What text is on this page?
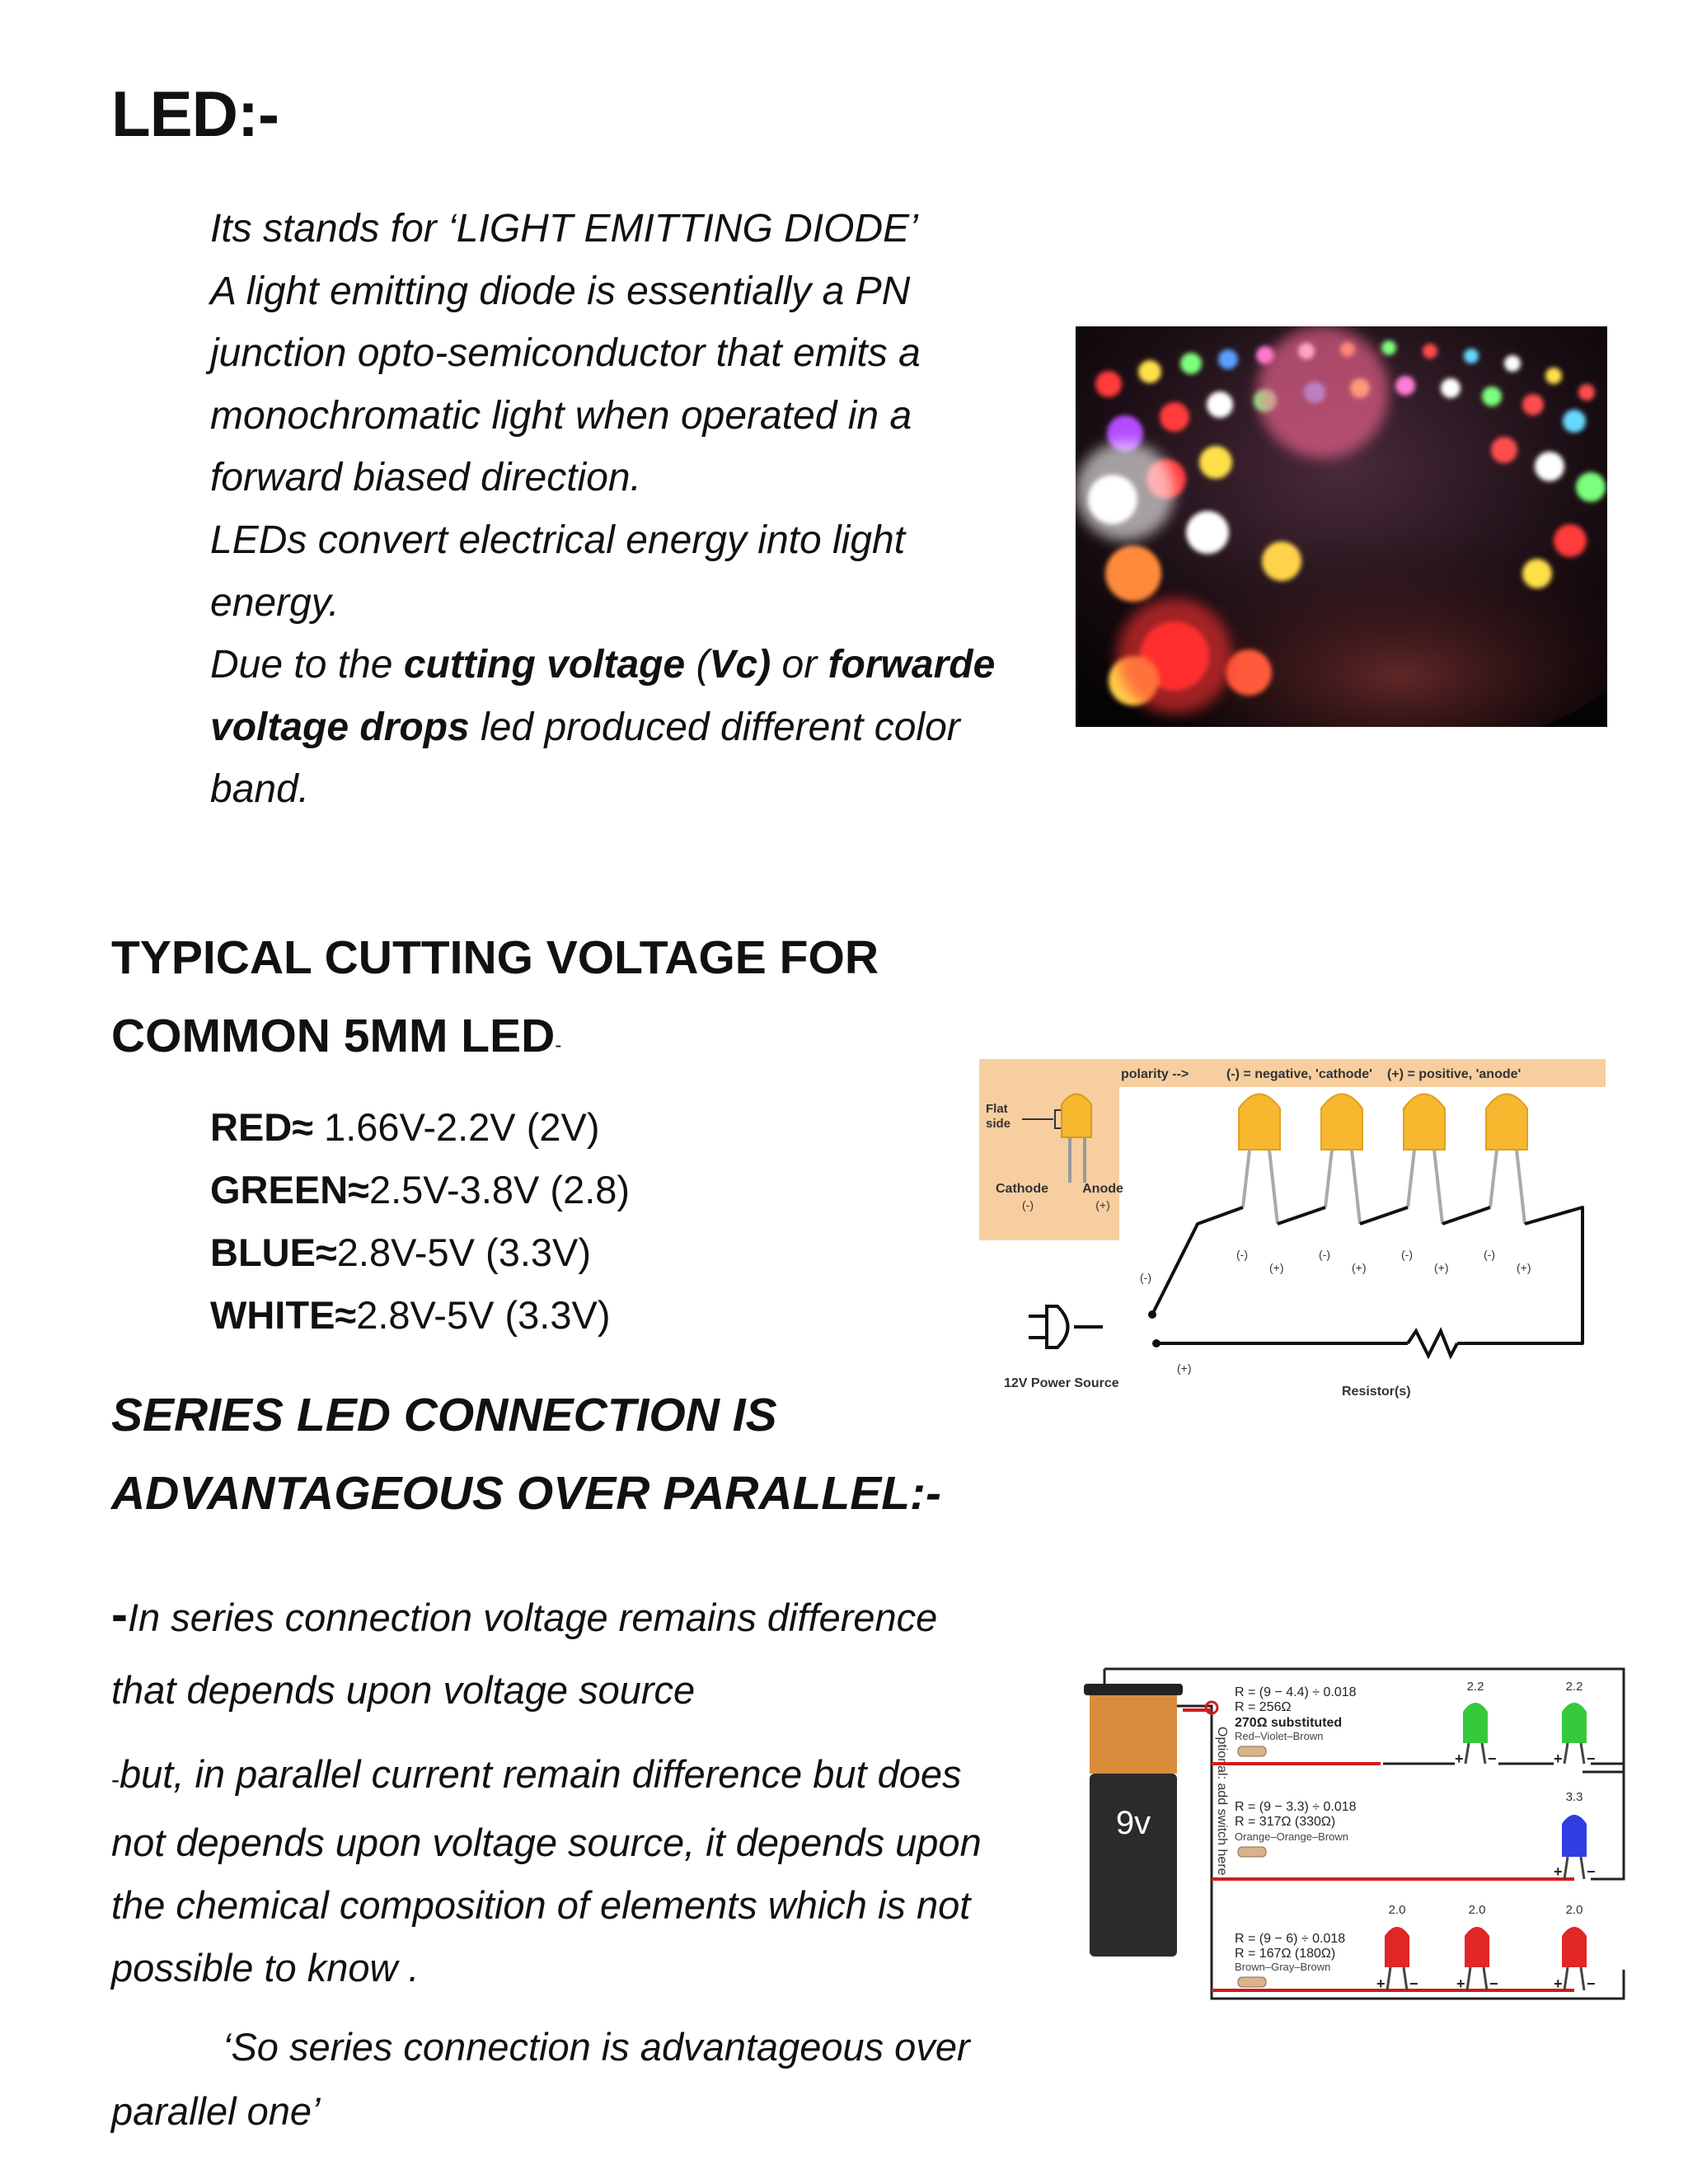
LED:-
Its stands for ‘LIGHT EMITTING DIODE’
A light emitting diode is essentially a PN
junction opto-semiconductor that emits a
monochromatic light when operated in a
forward biased direction.
LEDs convert electrical energy into light
energy.
Due to the cutting voltage (Vc) or forwarde
voltage drops led produced different color
band.
TYPICAL CUTTING VOLTAGE FOR
COMMON 5MM LED-
RED≈ 1.66V-2.2V (2V)
GREEN≈2.5V-3.8V (2.8)
BLUE≈2.8V-5V (3.3V)
WHITE≈2.8V-5V (3.3V)
polarity -->	(-) = negative, 'cathode' (+) = positive, 'anode'
Flat
side
Cathode
(-)
Anode
(+)
(-)
(+)
(-)
(+)
(-)
(+)
(-)
(+)
(-)
(+)
12V Power Source
Resistor(s)
SERIES LED CONNECTION IS
ADVANTAGEOUS OVER PARALLEL:-
-In series connection voltage remains difference
that depends upon voltage source
-but, in parallel current remain difference but does
not depends upon voltage source, it depends upon
the chemical composition of elements which is not
possible to know .
‘So series connection is advantageous over
parallel one’
9v	Optional: add switch here
R = (9 − 4.4) ÷ 0.018
R = 256Ω
270Ω substituted
Red–Violet–Brown
R = (9 − 3.3) ÷ 0.018
R = 317Ω (330Ω)
Orange–Orange–Brown
R = (9 − 6) ÷ 0.018
R = 167Ω (180Ω)
Brown–Gray–Brown
2.2
+ −
2.2
+ −
3.3
+ −
2.0
+ −
2.0
+ −
2.0
+ −
